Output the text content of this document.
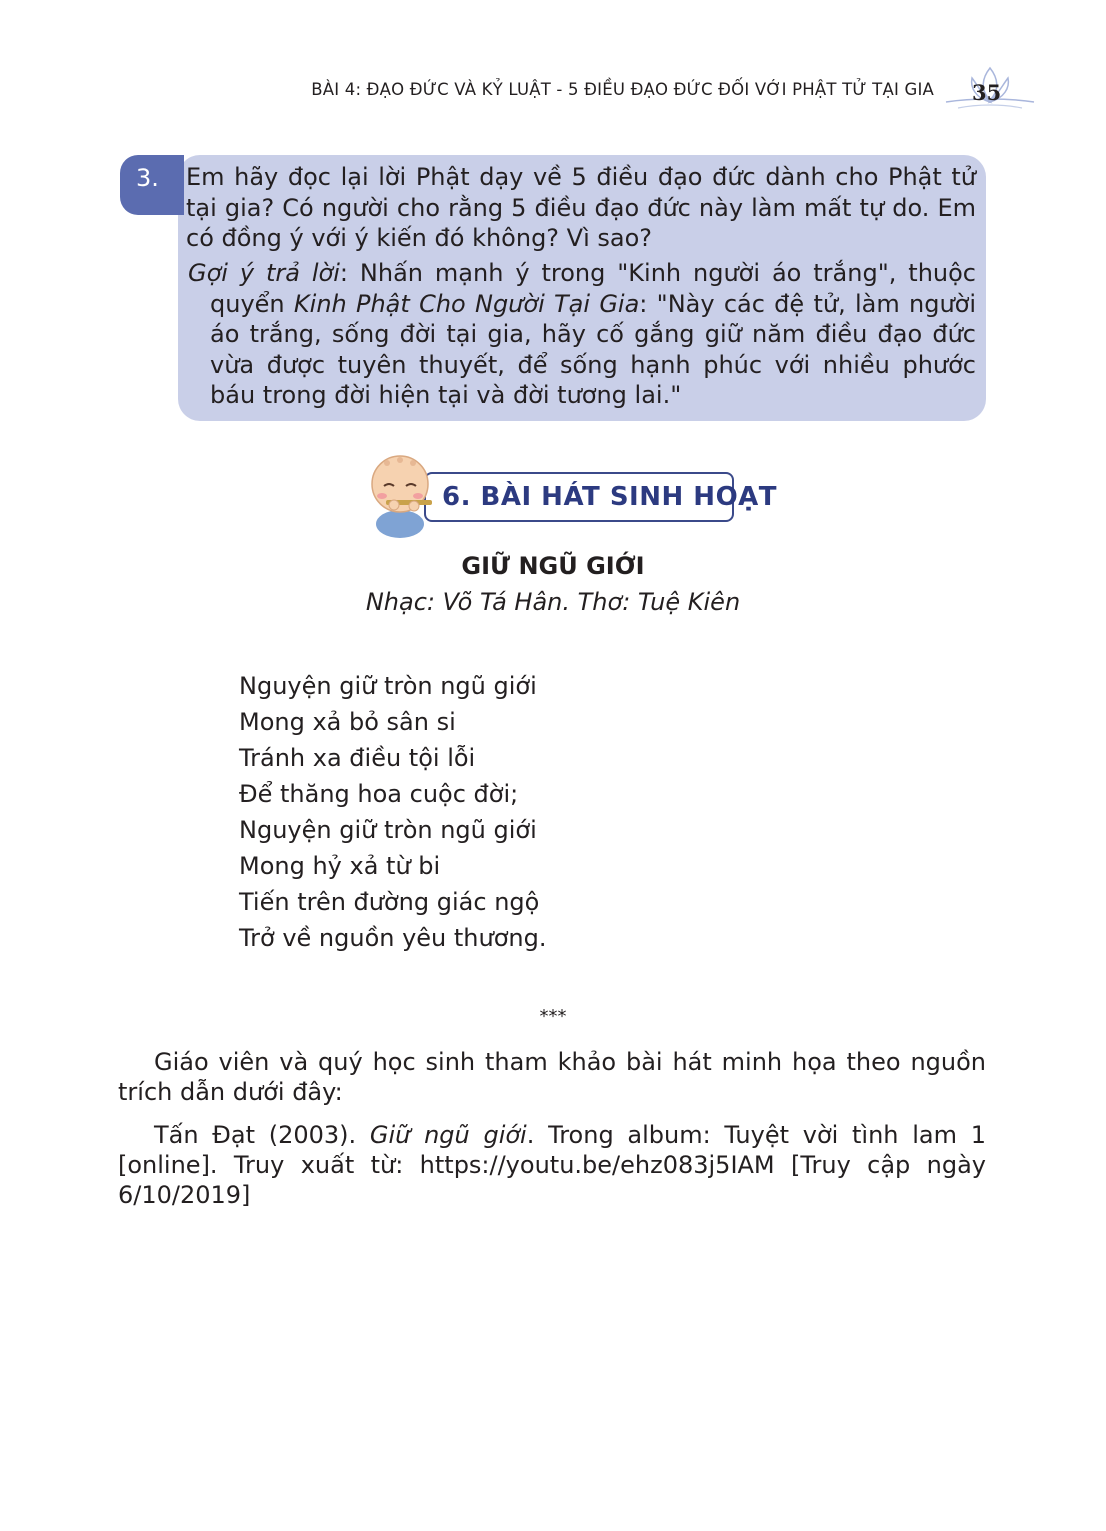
BÀI 4: ĐẠO ĐỨC VÀ KỶ LUẬT - 5 ĐIỀU ĐẠO ĐỨC ĐỐI VỚI PHẬT TỬ TẠI GIA 35
3. Em hãy đọc lại lời Phật dạy về 5 điều đạo đức dành cho Phật tử tại gia? Có người cho rằng 5 điều đạo đức này làm mất tự do. Em có đồng ý với ý kiến đó không? Vì sao?
Gợi ý trả lời: Nhấn mạnh ý trong "Kinh người áo trắng", thuộc quyển Kinh Phật Cho Người Tại Gia: "Này các đệ tử, làm người áo trắng, sống đời tại gia, hãy cố gắng giữ năm điều đạo đức vừa được tuyên thuyết, để sống hạnh phúc với nhiều phước báu trong đời hiện tại và đời tương lai."
6. BÀI HÁT SINH HOẠT
GIỮ NGŨ GIỚI
Nhạc: Võ Tá Hân. Thơ: Tuệ Kiên
Nguyện giữ tròn ngũ giới
Mong xả bỏ sân si
Tránh xa điều tội lỗi
Để thăng hoa cuộc đời;
Nguyện giữ tròn ngũ giới
Mong hỷ xả từ bi
Tiến trên đường giác ngộ
Trở về nguồn yêu thương.
***
Giáo viên và quý học sinh tham khảo bài hát minh họa theo nguồn trích dẫn dưới đây:
Tấn Đạt (2003). Giữ ngũ giới. Trong album: Tuyệt vời tình lam 1 [online]. Truy xuất từ: https://youtu.be/ehz083j5IAM [Truy cập ngày 6/10/2019]
